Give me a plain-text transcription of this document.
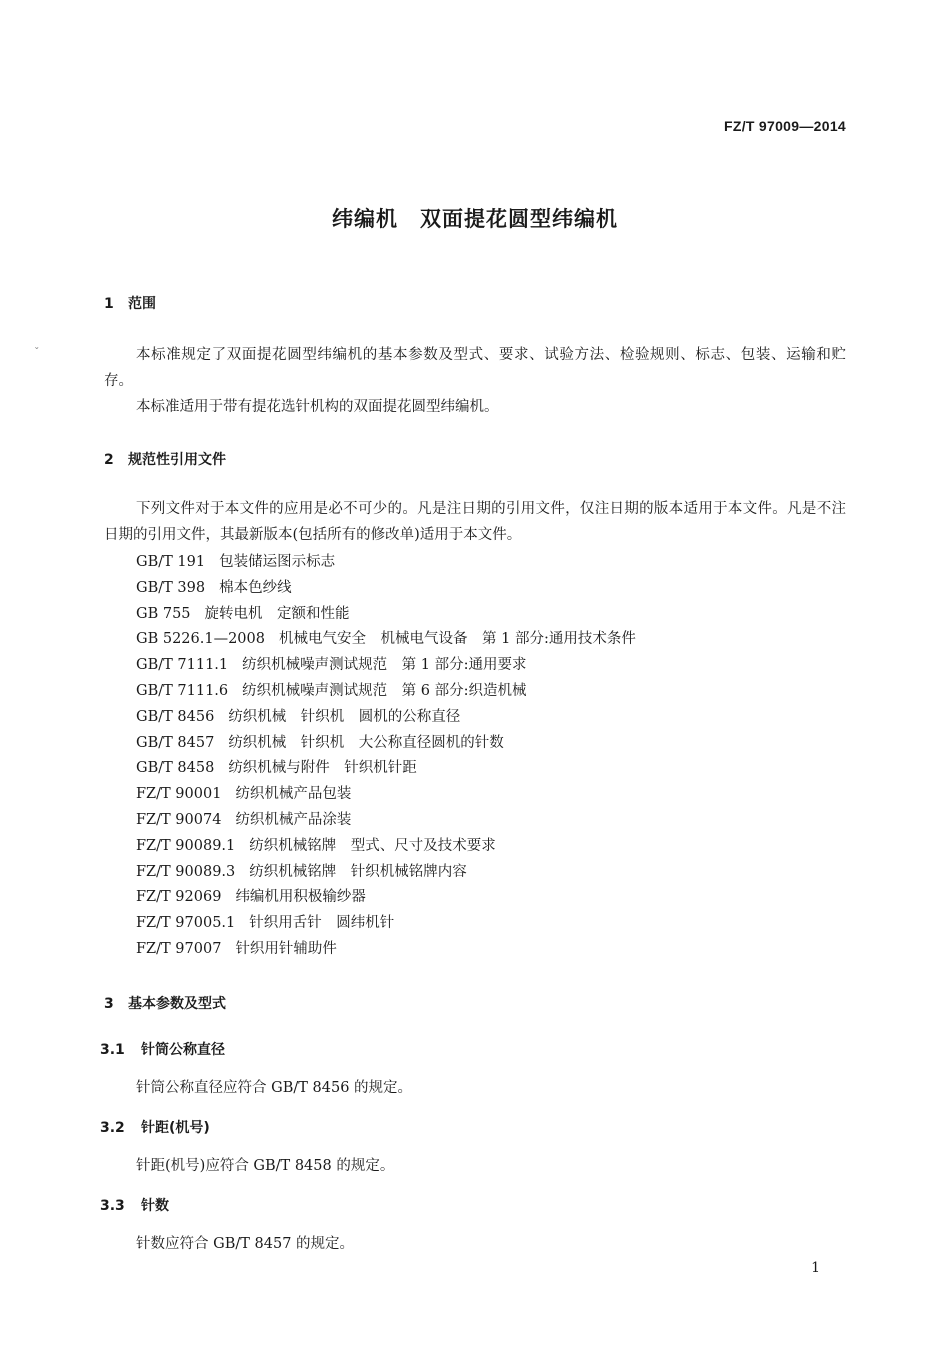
ˇ
FZ/T 97009—2014
纬编机　双面提花圆型纬编机
1 范围
本标准规定了双面提花圆型纬编机的基本参数及型式、要求、试验方法、检验规则、标志、包装、运输和贮存。
本标准适用于带有提花选针机构的双面提花圆型纬编机。
2 规范性引用文件
下列文件对于本文件的应用是必不可少的。凡是注日期的引用文件，仅注日期的版本适用于本文件。凡是不注日期的引用文件，其最新版本(包括所有的修改单)适用于本文件。
GB/T 191 包装储运图示标志
GB/T 398 棉本色纱线
GB 755 旋转电机　定额和性能
GB 5226.1—2008 机械电气安全　机械电气设备　第 1 部分:通用技术条件
GB/T 7111.1 纺织机械噪声测试规范　第 1 部分:通用要求
GB/T 7111.6 纺织机械噪声测试规范　第 6 部分:织造机械
GB/T 8456 纺织机械　针织机　圆机的公称直径
GB/T 8457 纺织机械　针织机　大公称直径圆机的针数
GB/T 8458 纺织机械与附件　针织机针距
FZ/T 90001 纺织机械产品包装
FZ/T 90074 纺织机械产品涂装
FZ/T 90089.1 纺织机械铭牌　型式、尺寸及技术要求
FZ/T 90089.3 纺织机械铭牌　针织机械铭牌内容
FZ/T 92069 纬编机用积极输纱器
FZ/T 97005.1 针织用舌针　圆纬机针
FZ/T 97007 针织用针辅助件
3 基本参数及型式
3.1 针筒公称直径
针筒公称直径应符合 GB/T 8456 的规定。
3.2 针距(机号)
针距(机号)应符合 GB/T 8458 的规定。
3.3 针数
针数应符合 GB/T 8457 的规定。
1
